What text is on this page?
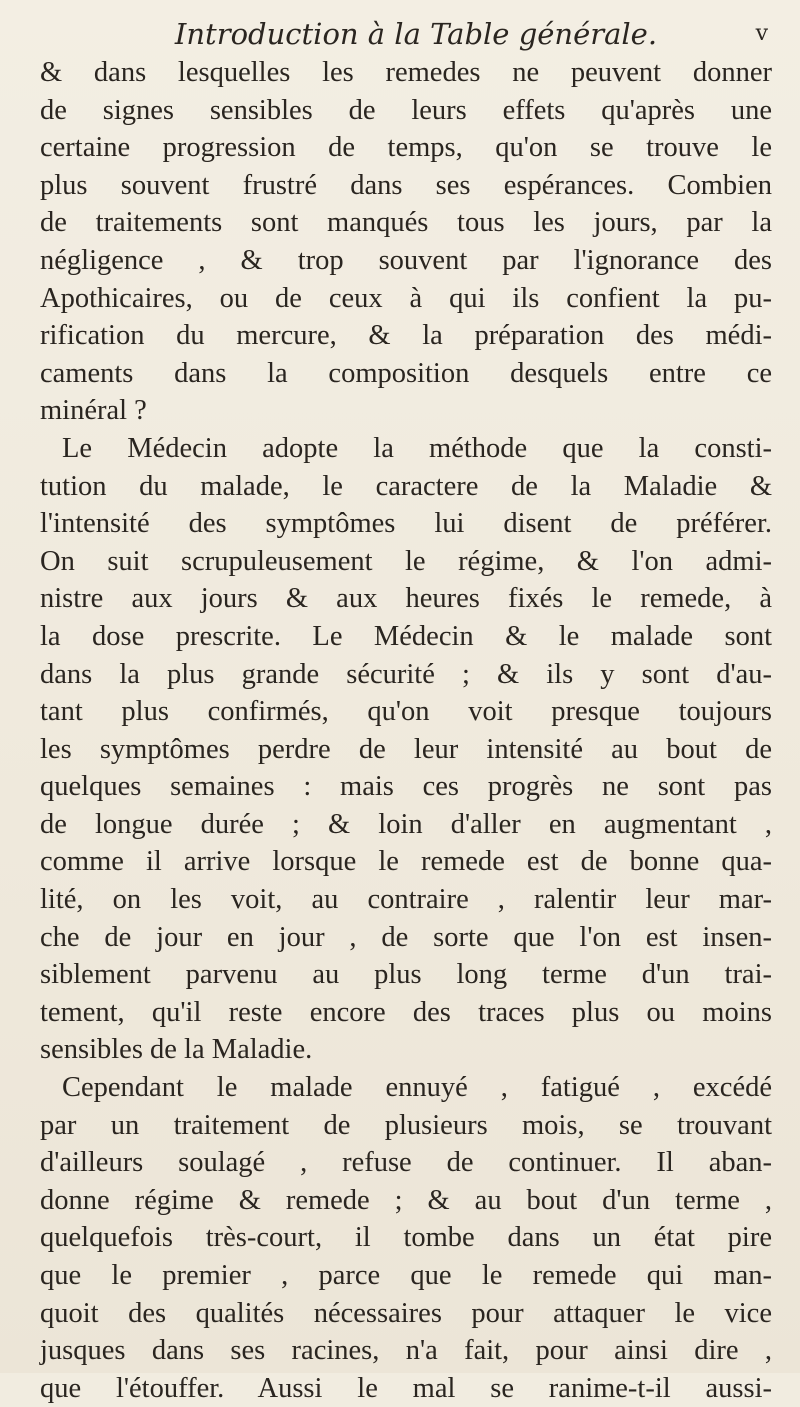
Introduction à la Table générale.	v
& dans lesquelles les remedes ne peuvent donner
de signes sensibles de leurs effets qu'après une
certaine progression de temps, qu'on se trouve le
plus souvent frustré dans ses espérances. Combien
de traitements sont manqués tous les jours, par la
négligence , & trop souvent par l'ignorance des
Apothicaires, ou de ceux à qui ils confient la pu-
rification du mercure, & la préparation des médi-
caments dans la composition desquels entre ce
minéral ?
Le Médecin adopte la méthode que la consti-
tution du malade, le caractere de la Maladie &
l'intensité des symptômes lui disent de préférer.
On suit scrupuleusement le régime, & l'on admi-
nistre aux jours & aux heures fixés le remede, à
la dose prescrite. Le Médecin & le malade sont
dans la plus grande sécurité ; & ils y sont d'au-
tant plus confirmés, qu'on voit presque toujours
les symptômes perdre de leur intensité au bout de
quelques semaines : mais ces progrès ne sont pas
de longue durée ; & loin d'aller en augmentant ,
comme il arrive lorsque le remede est de bonne qua-
lité, on les voit, au contraire , ralentir leur mar-
che de jour en jour , de sorte que l'on est insen-
siblement parvenu au plus long terme d'un trai-
tement, qu'il reste encore des traces plus ou moins
sensibles de la Maladie.
Cependant le malade ennuyé , fatigué , excédé
par un traitement de plusieurs mois, se trouvant
d'ailleurs soulagé , refuse de continuer. Il aban-
donne régime & remede ; & au bout d'un terme ,
quelquefois très-court, il tombe dans un état pire
que le premier , parce que le remede qui man-
quoit des qualités nécessaires pour attaquer le vice
jusques dans ses racines, n'a fait, pour ainsi dire ,
que l'étouffer. Aussi le mal se ranime-t-il aussi-
